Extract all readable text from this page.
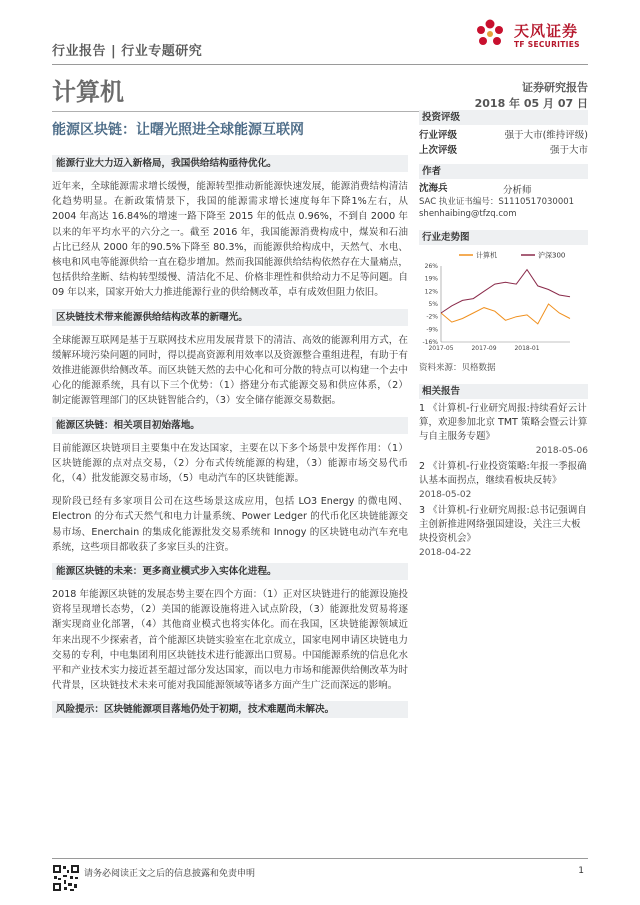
行业报告 | 行业专题研究
天风证券
TF SECURITIES
计算机	证券研究报告
2018 年 05 月 07 日
能源区块链：让曙光照进全球能源互联网
能源行业大力迈入新格局，我国供给结构亟待优化。
近年来，全球能源需求增长缓慢，能源转型推动新能源快速发展，能源消费结构清洁化趋势明显。在新政策情景下，我国的能源需求增长速度每年下降1%左右，从 2004 年高达 16.84%的增速一路下降至 2015 年的低点 0.96%，不到自 2000 年以来的年平均水平的六分之一。截至 2016 年，我国能源消费构成中，煤炭和石油占比已经从 2000 年的90.5%下降至 80.3%，而能源供给构成中，天然气、水电、核电和风电等能源供给一直在稳步增加。然而我国能源供给结构依然存在大量痛点，包括供给垄断、结构转型缓慢、清洁化不足、价格非理性和供给动力不足等问题。自 09 年以来，国家开始大力推进能源行业的供给侧改革，卓有成效但阻力依旧。
区块链技术带来能源供给结构改革的新曙光。
全球能源互联网是基于互联网技术应用发展背景下的清洁、高效的能源利用方式，在缓解环境污染问题的同时，得以提高资源利用效率以及资源整合重组进程，有助于有效推进能源供给侧改革。而区块链天然的去中心化和可分散的特点可以构建一个去中心化的能源系统，具有以下三个优势：（1）搭建分布式能源交易和供应体系，（2）制定能源管理部门的区块链智能合约，（3）安全储存能源交易数据。
能源区块链：相关项目初始落地。
目前能源区块链项目主要集中在发达国家，主要在以下多个场景中发挥作用：（1）区块链能源的点对点交易，（2）分布式传统能源的构建，（3）能源市场交易代币化，（4）批发能源交易市场，（5）电动汽车的区块链能源。
现阶段已经有多家项目公司在这些场景这成应用，包括 LO3 Energy 的微电网、Electron 的分布式天然气和电力计量系统、Power Ledger 的代币化区块链能源交易市场、Enerchain 的集成化能源批发交易系统和 Innogy 的区块链电动汽车充电系统，这些项目都收获了多家巨头的注资。
能源区块链的未来：更多商业模式步入实体化进程。
2018 年能源区块链的发展态势主要在四个方面：（1）正对区块链进行的能源设施投资将呈现增长态势，（2）美国的能源设施将进入试点阶段，（3）能源批发贸易将逐渐实现商业化部署，（4）其他商业模式也将实体化。而在我国，区块链能源领域近年来出现不少探索者，首个能源区块链实验室在北京成立，国家电网申请区块链电力交易的专利，中电集团利用区块链技术进行能源出口贸易。中国能源系统的信息化水平和产业技术实力接近甚至超过部分发达国家，而以电力市场和能源供给侧改革为时代背景，区块链技术未来可能对我国能源领域等诸多方面产生广泛而深远的影响。
风险提示：区块链能源项目落地仍处于初期，技术难题尚未解决。
投资评级
行业评级	强于大市(维持评级)
上次评级	强于大市
作者
沈海兵	分析师
SAC 执业证书编号：S1110517030001
shenhaibing@tfzq.com
行业走势图
26%
19%
12%
5%
-2%
-9%
-16%
2017-05	2017-09	2018-01
计算机	沪深300
资料来源：贝格数据
相关报告
1 《计算机-行业研究周报:持续看好云计算，欢迎参加北京 TMT 策略会暨云计算与自主服务专题》
2018-05-06
2 《计算机-行业投资策略:年报一季报确认基本面拐点，继续看板块反转》
2018-05-02
3 《计算机-行业研究周报:总书记强调自主创新推进网络强国建设，关注三大板块投资机会》
2018-04-22
请务必阅读正文之后的信息披露和免责申明	1
